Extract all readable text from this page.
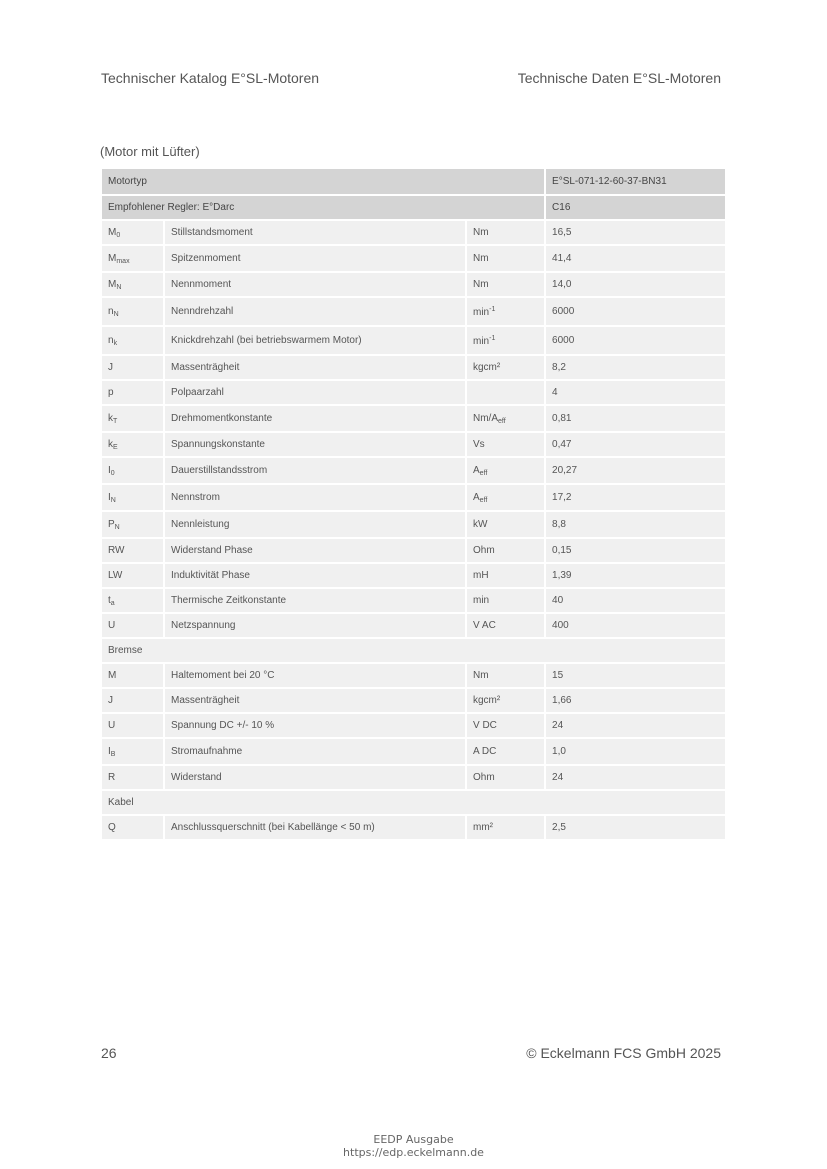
Technischer Katalog E°SL-Motoren	Technische Daten E°SL-Motoren
(Motor mit Lüfter)
Motortyp			E°SL-071-12-60-37-BN31
Empfohlener Regler: E°Darc			C16
$M_0$	Stillstandsmoment	Nm	16,5
$M_{max}$	Spitzenmoment	Nm	41,4
$M_N$	Nennmoment	Nm	14,0
$n_N$	Nenndrehzahl	$\min^{-1}$	6000
$n_k$	Knickdrehzahl (bei betriebswarmem Motor)	$\min^{-1}$	6000
J	Massenträgheit	kgcm²	8,2
p	Polpaarzahl		4
$k_T$	Drehmomentkonstante	$Nm/A_{eff}$	0,81
$k_E$	Spannungskonstante	Vs	0,47
$I_0$	Dauerstillstandsstrom	$A_{eff}$	20,27
$I_N$	Nennstrom	$A_{eff}$	17,2
$P_N$	Nennleistung	kW	8,8
RW	Widerstand Phase	Ohm	0,15
LW	Induktivität Phase	mH	1,39
$t_a$	Thermische Zeitkonstante	min	40
U	Netzspannung	V AC	400
Bremse			
M	Haltemoment bei 20 °C	Nm	15
J	Massenträgheit	kgcm²	1,66
U	Spannung DC +/- 10 %	V DC	24
$I_B$	Stromaufnahme	A DC	1,0
R	Widerstand	Ohm	24
Kabel			
Q	Anschlussquerschnitt (bei Kabellänge < 50 m)	mm²	2,5
26	© Eckelmann FCS GmbH 2025
EEDP Ausgabe
https://edp.eckelmann.de
